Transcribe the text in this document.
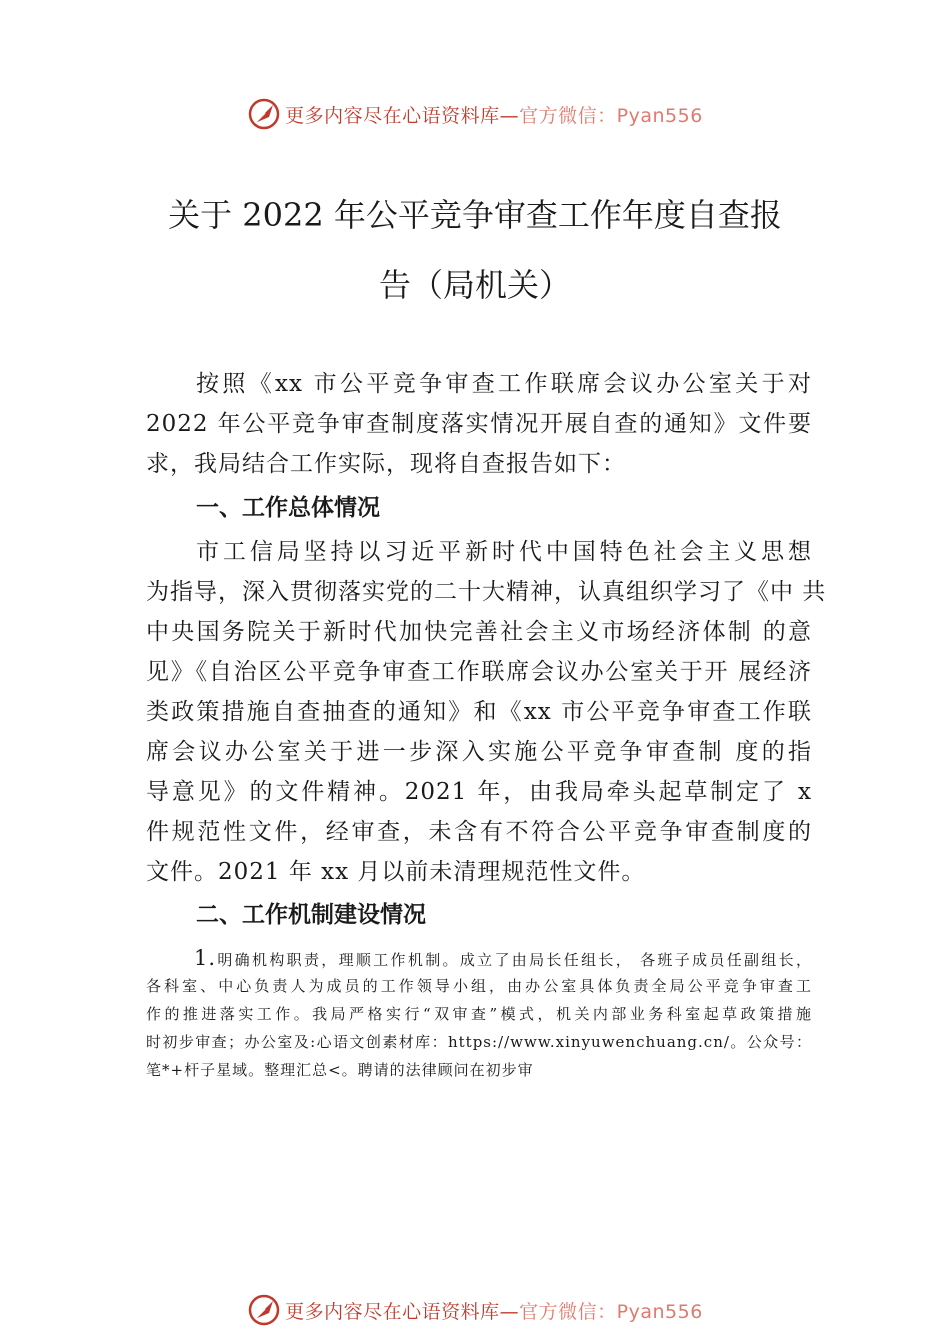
更多内容尽在心语资料库—官方微信：Pyan556
关于 2022 年公平竞争审查工作年度自查报
告（局机关）
按照《xx 市公平竞争审查工作联席会议办公室关于对
2022 年公平竞争审查制度落实情况开展自查的通知》文件要
求，我局结合工作实际，现将自查报告如下：
一、工作总体情况
市工信局坚持以习近平新时代中国特色社会主义思想
为指导，深入贯彻落实党的二十大精神，认真组织学习了《中 共
中央国务院关于新时代加快完善社会主义市场经济体制 的意
见》《自治区公平竞争审查工作联席会议办公室关于开 展经济
类政策措施自查抽查的通知》和《xx 市公平竞争审查工作联
席会议办公室关于进一步深入实施公平竞争审查制 度的指
导意见》的文件精神。2021 年，由我局牵头起草制定了 x
件规范性文件，经审查，未含有不符合公平竞争审查制度的
文件。2021 年 xx 月以前未清理规范性文件。
二、工作机制建设情况
1.明确机构职责，理顺工作机制。成立了由局长任组长， 各班子成员任副组长，
各科室、中心负责人为成员的工作领导小组，由办公室具体负责全局公平竞争审查工
作的推进落实工作。我局严格实行“双审查”模式，机关内部业务科室起草政策措施
时初步审查；办公室及:心语文创素材库：https://www.xinyuwenchuang.cn/。公众号：
笔*+杆子星域。整理汇总<。聘请的法律顾问在初步审
更多内容尽在心语资料库—官方微信：Pyan556
